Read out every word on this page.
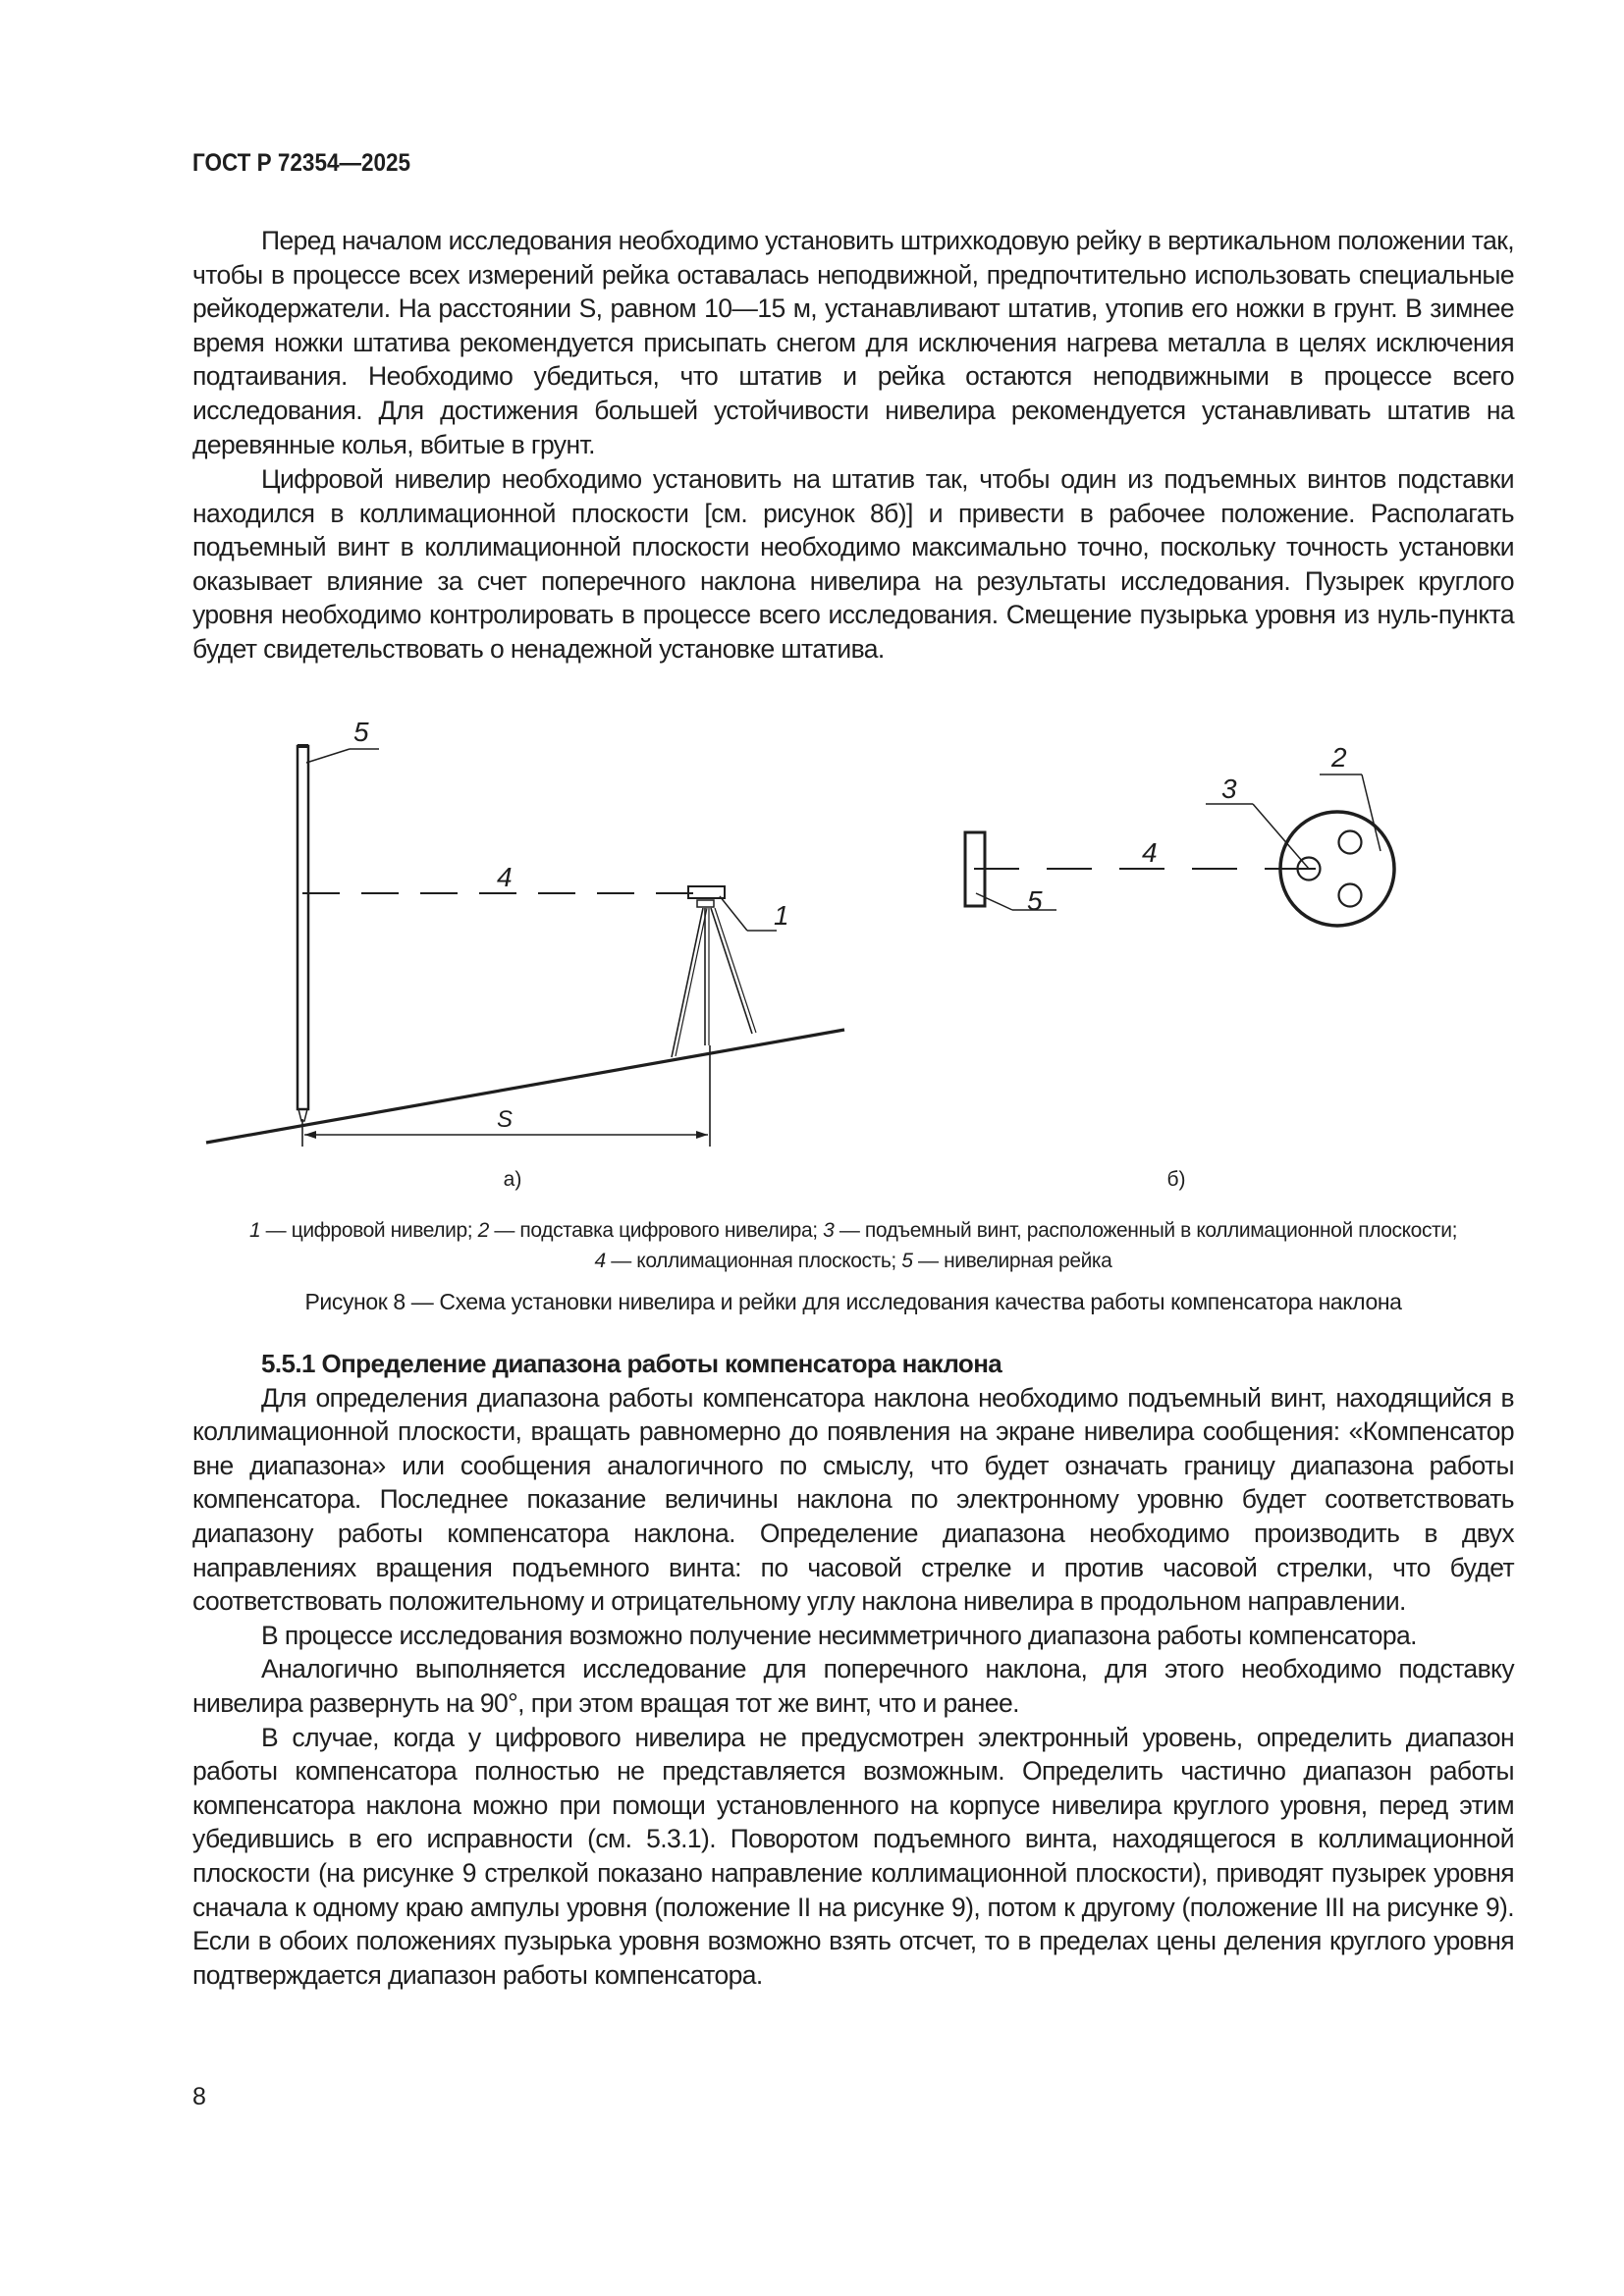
ГОСТ Р 72354—2025

Перед началом исследования необходимо установить штрихкодовую рейку в вертикальном положении так, чтобы в процессе всех измерений рейка оставалась неподвижной, предпочтительно использовать специальные рейкодержатели. На расстоянии S, равном 10—15 м, устанавливают штатив, утопив его ножки в грунт. В зимнее время ножки штатива рекомендуется присыпать снегом для исключения нагрева металла в целях исключения подтаивания. Необходимо убедиться, что штатив и рейка остаются неподвижными в процессе всего исследования. Для достижения большей устойчивости нивелира рекомендуется устанавливать штатив на деревянные колья, вбитые в грунт.

Цифровой нивелир необходимо установить на штатив так, чтобы один из подъемных винтов подставки находился в коллимационной плоскости [см. рисунок 8б)] и привести в рабочее положение. Располагать подъемный винт в коллимационной плоскости необходимо максимально точно, поскольку точность установки оказывает влияние за счет поперечного наклона нивелира на результаты исследования. Пузырек круглого уровня необходимо контролировать в процессе всего исследования. Смещение пузырька уровня из нуль-пункта будет свидетельствовать о ненадежной установке штатива.

5
4
1
S
а)
5
4
3
2
б)
1 — цифровой нивелир; 2 — подставка цифрового нивелира; 3 — подъемный винт, расположенный в коллимационной плоскости;
4 — коллимационная плоскость; 5 — нивелирная рейка
Рисунок 8 — Схема установки нивелира и рейки для исследования качества работы компенсатора наклона
5.5.1 Определение диапазона работы компенсатора наклона

Для определения диапазона работы компенсатора наклона необходимо подъемный винт, находящийся в коллимационной плоскости, вращать равномерно до появления на экране нивелира сообщения: «Компенсатор вне диапазона» или сообщения аналогичного по смыслу, что будет означать границу диапазона работы компенсатора. Последнее показание величины наклона по электронному уровню будет соответствовать диапазону работы компенсатора наклона. Определение диапазона необходимо производить в двух направлениях вращения подъемного винта: по часовой стрелке и против часовой стрелки, что будет соответствовать положительному и отрицательному углу наклона нивелира в продольном направлении.

В процессе исследования возможно получение несимметричного диапазона работы компенсатора.

Аналогично выполняется исследование для поперечного наклона, для этого необходимо подставку нивелира развернуть на 90°, при этом вращая тот же винт, что и ранее.

В случае, когда у цифрового нивелира не предусмотрен электронный уровень, определить диапазон работы компенсатора полностью не представляется возможным. Определить частично диапазон работы компенсатора наклона можно при помощи установленного на корпусе нивелира круглого уровня, перед этим убедившись в его исправности (см. 5.3.1). Поворотом подъемного винта, находящегося в коллимационной плоскости (на рисунке 9 стрелкой показано направление коллимационной плоскости), приводят пузырек уровня сначала к одному краю ампулы уровня (положение II на рисунке 9), потом к другому (положение III на рисунке 9). Если в обоих положениях пузырька уровня возможно взять отсчет, то в пределах цены деления круглого уровня подтверждается диапазон работы компенсатора.

8
